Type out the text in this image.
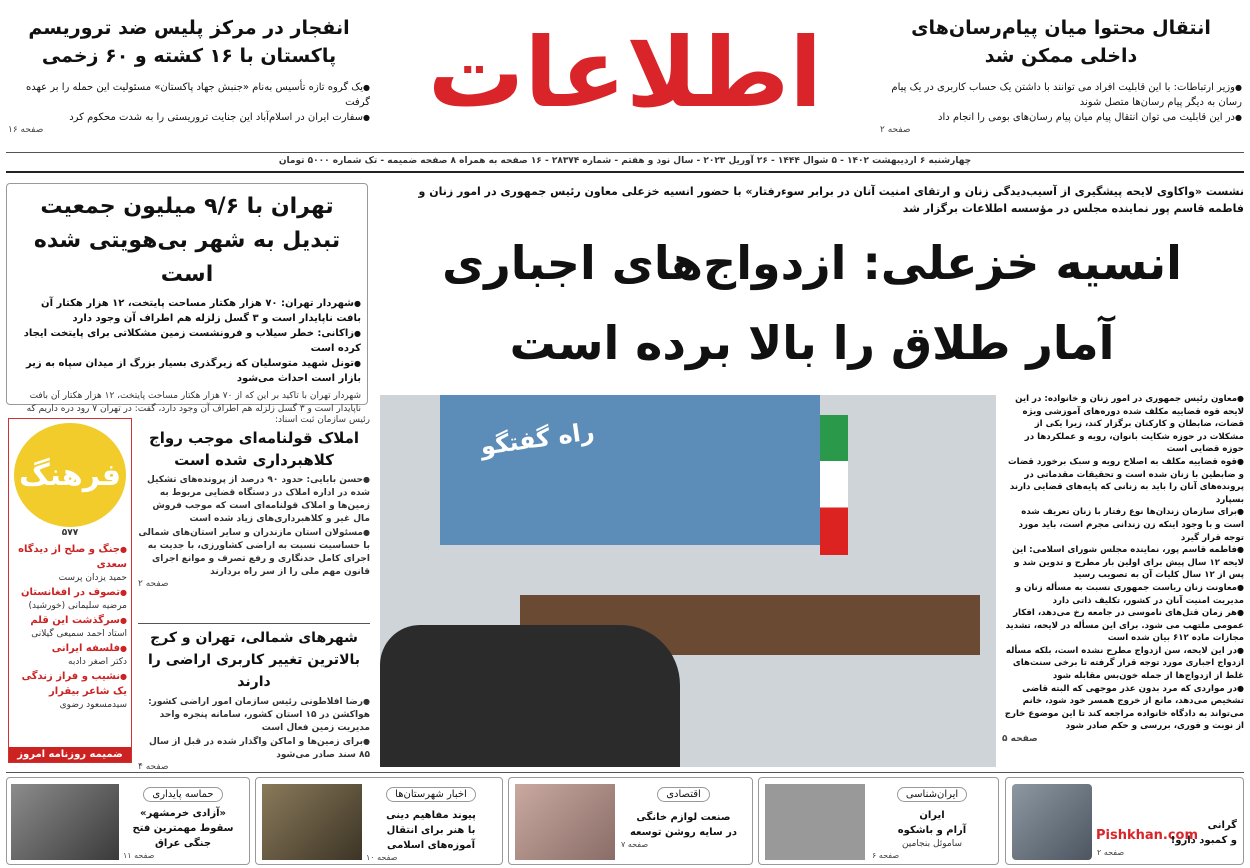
اطلاعات	انتقال محتوا میان پیام‌رسان‌های داخلی ممکن شد
● وزیر ارتباطات: با این قابلیت افراد می توانند با داشتن یک حساب کاربری در یک پیام رسان به دیگر پیام رسان‌ها متصل شوند
● در این قابلیت می توان انتقال پیام میان پیام رسان‌های بومی را انجام داد
صفحه ۲
انفجار در مرکز پلیس ضد تروریسم پاکستان با ۱۶ کشته و ۶۰ زخمی
● یک گروه تازه تأسیس به‌نام «جنبش جهاد پاکستان» مسئولیت این حمله را بر عهده گرفت
● سفارت ایران در اسلام‌آباد این جنایت تروریستی را به شدت محکوم کرد
صفحه ۱۶
چهارشنبه ۶ اردیبهشت ۱۴۰۲ - ۵ شوال ۱۴۴۴ - ۲۶ آوریل ۲۰۲۳ - سال نود و هفتم - شماره ۲۸۳۷۴ - ۱۶ صفحه به همراه ۸ صفحه ضمیمه - تک شماره ۵۰۰۰ تومان
تهران با ۹/۶ میلیون جمعیت
تبدیل به شهر بی‌هویتی شده است
● شهردار تهران: ۷۰ هزار هکتار مساحت پایتخت، ۱۲ هزار هکتار آن بافت ناپایدار است و ۳ گسل زلزله هم اطراف آن وجود دارد
● زاکانی: خطر سیلاب و فرونشست زمین مشکلاتی برای پایتخت ایجاد کرده است
● تونل شهید متوسلیان که زیرگذری بسیار بزرگ از میدان سپاه به زیر بازار است احداث می‌شود
شهردار تهران با تاکید بر این که از ۷۰ هزار هکتار مساحت پایتخت، ۱۲ هزار هکتار آن بافت ناپایدار است و ۳ گسل زلزله هم اطراف آن وجود دارد، گفت: در تهران ۷ رود دره داریم که
فرهنگ
۵۷۷
● جنگ و صلح از دیدگاه سعدی
حمید یزدان پرست
● تصوف در افغانستان
مرضیه سلیمانی (خورشید)
● سرگذشت این قلم
استاد احمد سمیعی گیلانی
● فلسفه ایرانی
دکتر اصغر دادبه
● نشیب و فراز زندگی یک شاعر بیقرار
سیدمسعود رضوی
ضمیمه روزنامه امروز
رئیس سازمان ثبت اسناد:
املاک قولنامه‌ای موجب رواج کلاهبرداری شده است
● حسن بابایی: حدود ۹۰ درصد از پرونده‌های تشکیل شده در اداره املاک در دستگاه قضایی مربوط به زمین‌ها و املاک قولنامه‌ای است که موجب فروش مال غیر و کلاهبرداری‌های زیاد شده است
● مسئولان استان مازندران و سایر استان‌های شمالی با حساسیت نسبت به اراضی کشاورزی، با جدیت به اجرای کامل حدنگاری و رفع تصرف و موانع اجرای قانون مهم ملی را از سر راه بردارند
صفحه ۲
شهرهای شمالی، تهران و کرج بالاترین تغییر کاربری اراضی را دارند
● رضا افلاطونی رئیس سازمان امور اراضی کشور: هواکشن در ۱۵ استان کشور، سامانه پنجره واحد مدیریت زمین فعال است
● برای زمین‌ها و اماکن واگذار شده در قبل از سال ۸۵ سند صادر می‌شود
صفحه ۴
نشست «واکاوی لایحه پیشگیری از آسیب‌دیدگی زنان و ارتقای امنیت آنان در برابر سوءرفتار» با حضور انسیه خزعلی معاون رئیس جمهوری در امور زنان و فاطمه قاسم پور نماینده مجلس در مؤسسه اطلاعات برگزار شد
انسیه خزعلی: ازدواج‌های اجباری
آمار طلاق را بالا برده است
راه گفتگو
● معاون رئیس جمهوری در امور زنان و خانواده: در این لایحه قوه قضاییه مکلف شده دوره‌های آموزشی ویژه قضات، ضابطان و کارکنان برگزار کند، زیرا یکی از مشکلات در حوزه شکایت بانوان، رویه و عملکردها در حوزه قضایی است
● قوه قضاییه مکلف به اصلاح رویه و سبک برخورد قضات و ضابطین با زنان شده است و تحقیقات مقدماتی در پرونده‌های آنان را باید به زنانی که پایه‌های قضایی دارند بسپارد
● برای سازمان زندان‌ها نوع رفتار با زنان تعریف شده است و با وجود اینکه زن زندانی مجرم است، باید مورد توجه قرار گیرد
● فاطمه قاسم پور، نماینده مجلس شورای اسلامی: این لایحه ۱۲ سال پیش برای اولین بار مطرح و تدوین شد و پس از ۱۲ سال کلیات آن به تصویب رسید
● معاونت زنان ریاست جمهوری نسبت به مسأله زنان و مدیریت امنیت آنان در کشور، تکلیف ذاتی دارد
● هر زمان قتل‌های ناموسی در جامعه رخ می‌دهد، افکار عمومی ملتهب می شود. برای این مسأله در لایحه، تشدید مجازات ماده ۶۱۲ بیان شده است
● در این لایحه، سن ازدواج مطرح نشده است، بلکه مسأله ازدواج اجباری مورد توجه قرار گرفته تا برخی سنت‌های غلط از ازدواج‌ها از جمله خون‌بس مقابله شود
● در مواردی که مرد بدون عذر موجهی که البته قاضی تشخیص می‌دهد، مانع از خروج همسر خود شود، خانم می‌تواند به دادگاه خانواده مراجعه کند تا این موضوع خارج از نوبت و فوری، بررسی و حکم صادر شود
صفحه ۵
Pishkhan.com
گرانی
و کمبود دارو!
صفحه ۲
ایران‌شناسی
ایران
آرام و باشکوه
ساموئل بنجامین
صفحه ۶
اقتصادی
صنعت لوازم خانگی
در سایه روشن توسعه
صفحه ۷
اخبار شهرستان‌ها
پیوند مفاهیم دینی
با هنر برای انتقال آموزه‌های اسلامی
صفحه ۱۰
حماسه پایداری
«آزادی خرمشهر»
سقوط مهمترین فتح جنگی عراق
صفحه ۱۱
